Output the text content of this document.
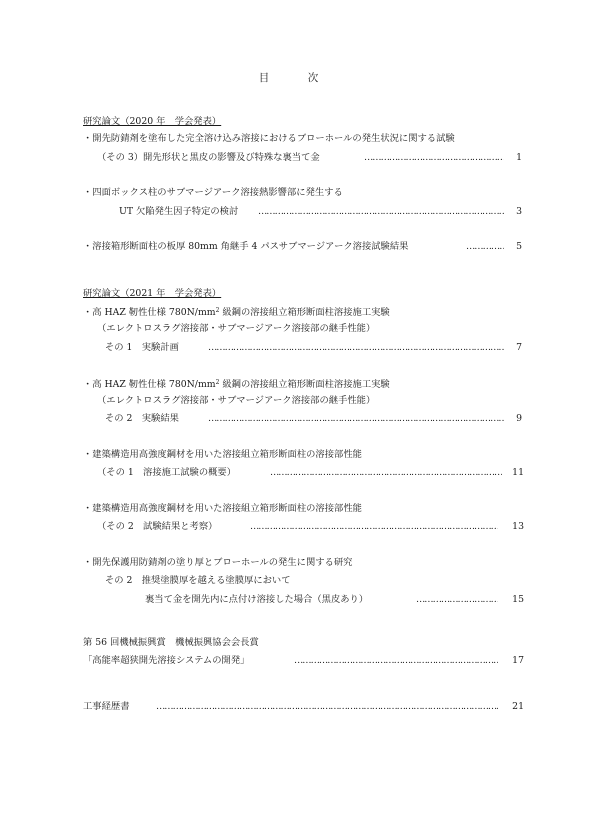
目　次
研究論文（2020 年　学会発表）
・開先防錆剤を塗布した完全溶け込み溶接におけるブローホールの発生状況に関する試験
（その 3）開先形状と黒皮の影響及び特殊な裏当て金 …………………………………………………………………………………………………………………………………………………………………………………………………………………………………………………………………………	1
・四面ボックス柱のサブマージアーク溶接熱影響部に発生する
UT 欠陥発生因子特定の検討 …………………………………………………………………………………………………………………………………………………………………………………………………………………………………………………………………………	3
・溶接箱形断面柱の板厚 80mm 角継手 4 パスサブマージアーク溶接試験結果 …………………………………………………………………………………………………………………………………………………………………………………………………………………………………………………………………………	5
研究論文（2021 年　学会発表）
・高 HAZ 靭性仕様 $780N/mm^2$ 級鋼の溶接組立箱形断面柱溶接施工実験
（エレクトロスラグ溶接部・サブマージアーク溶接部の継手性能）
その 1　実験計画 …………………………………………………………………………………………………………………………………………………………………………………………………………………………………………………………………………	7
・高 HAZ 靭性仕様 $780N/mm^2$ 級鋼の溶接組立箱形断面柱溶接施工実験
（エレクトロスラグ溶接部・サブマージアーク溶接部の継手性能）
その 2　実験結果 …………………………………………………………………………………………………………………………………………………………………………………………………………………………………………………………………………	9
・建築構造用高強度鋼材を用いた溶接組立箱形断面柱の溶接部性能
（その 1　溶接施工試験の概要） …………………………………………………………………………………………………………………………………………………………………………………………………………………………………………………………………………	11
・建築構造用高強度鋼材を用いた溶接組立箱形断面柱の溶接部性能
（その 2　試験結果と考察） …………………………………………………………………………………………………………………………………………………………………………………………………………………………………………………………………………	13
・開先保護用防錆剤の塗り厚とブローホールの発生に関する研究
その 2　推奨塗膜厚を越える塗膜厚において
裏当て金を開先内に点付け溶接した場合（黒皮あり） …………………………………………………………………………………………………………………………………………………………………………………………………………………………………………………………………………	15
第 56 回機械振興賞　機械振興協会会長賞
「高能率超狭開先溶接システムの開発」 …………………………………………………………………………………………………………………………………………………………………………………………………………………………………………………………………………	17
工事経歴書 …………………………………………………………………………………………………………………………………………………………………………………………………………………………………………………………………………	21
